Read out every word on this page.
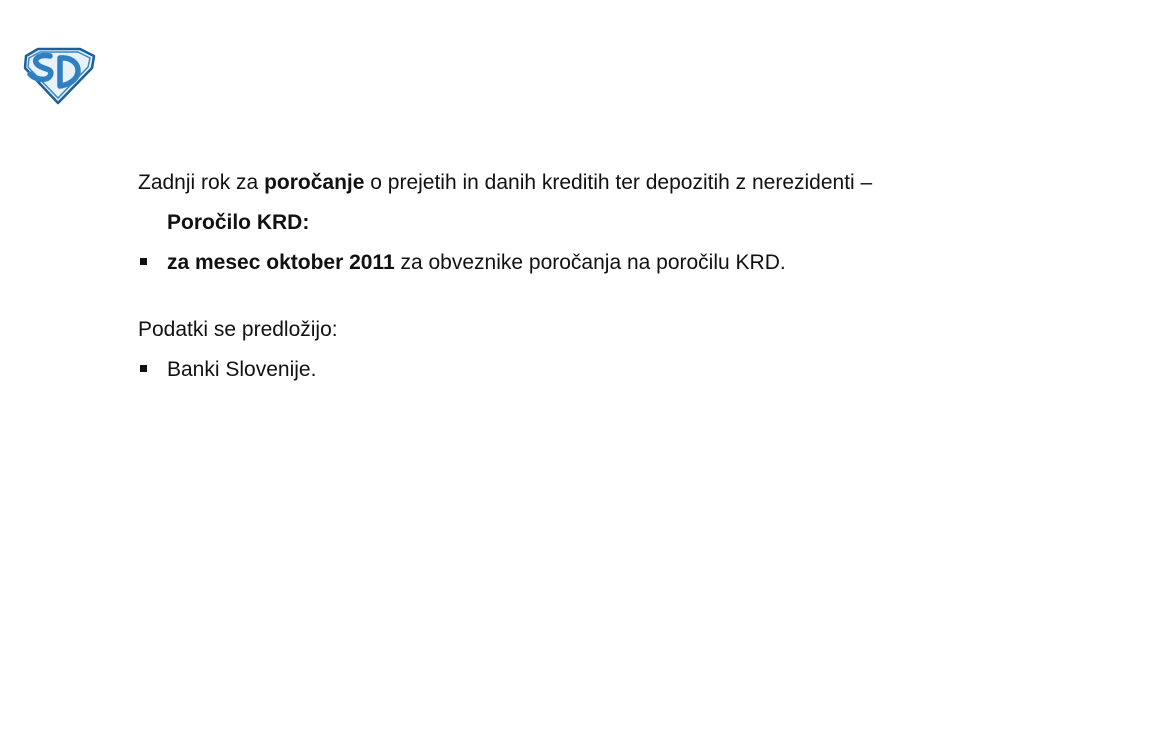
Zadnji rok za poročanje o prejetih in danih kreditih ter depozitih z nerezidenti –
Poročilo KRD:

za mesec oktober 2011 za obveznike poročanja na poročilu KRD.

Podatki se predložijo:

Banki Slovenije.
